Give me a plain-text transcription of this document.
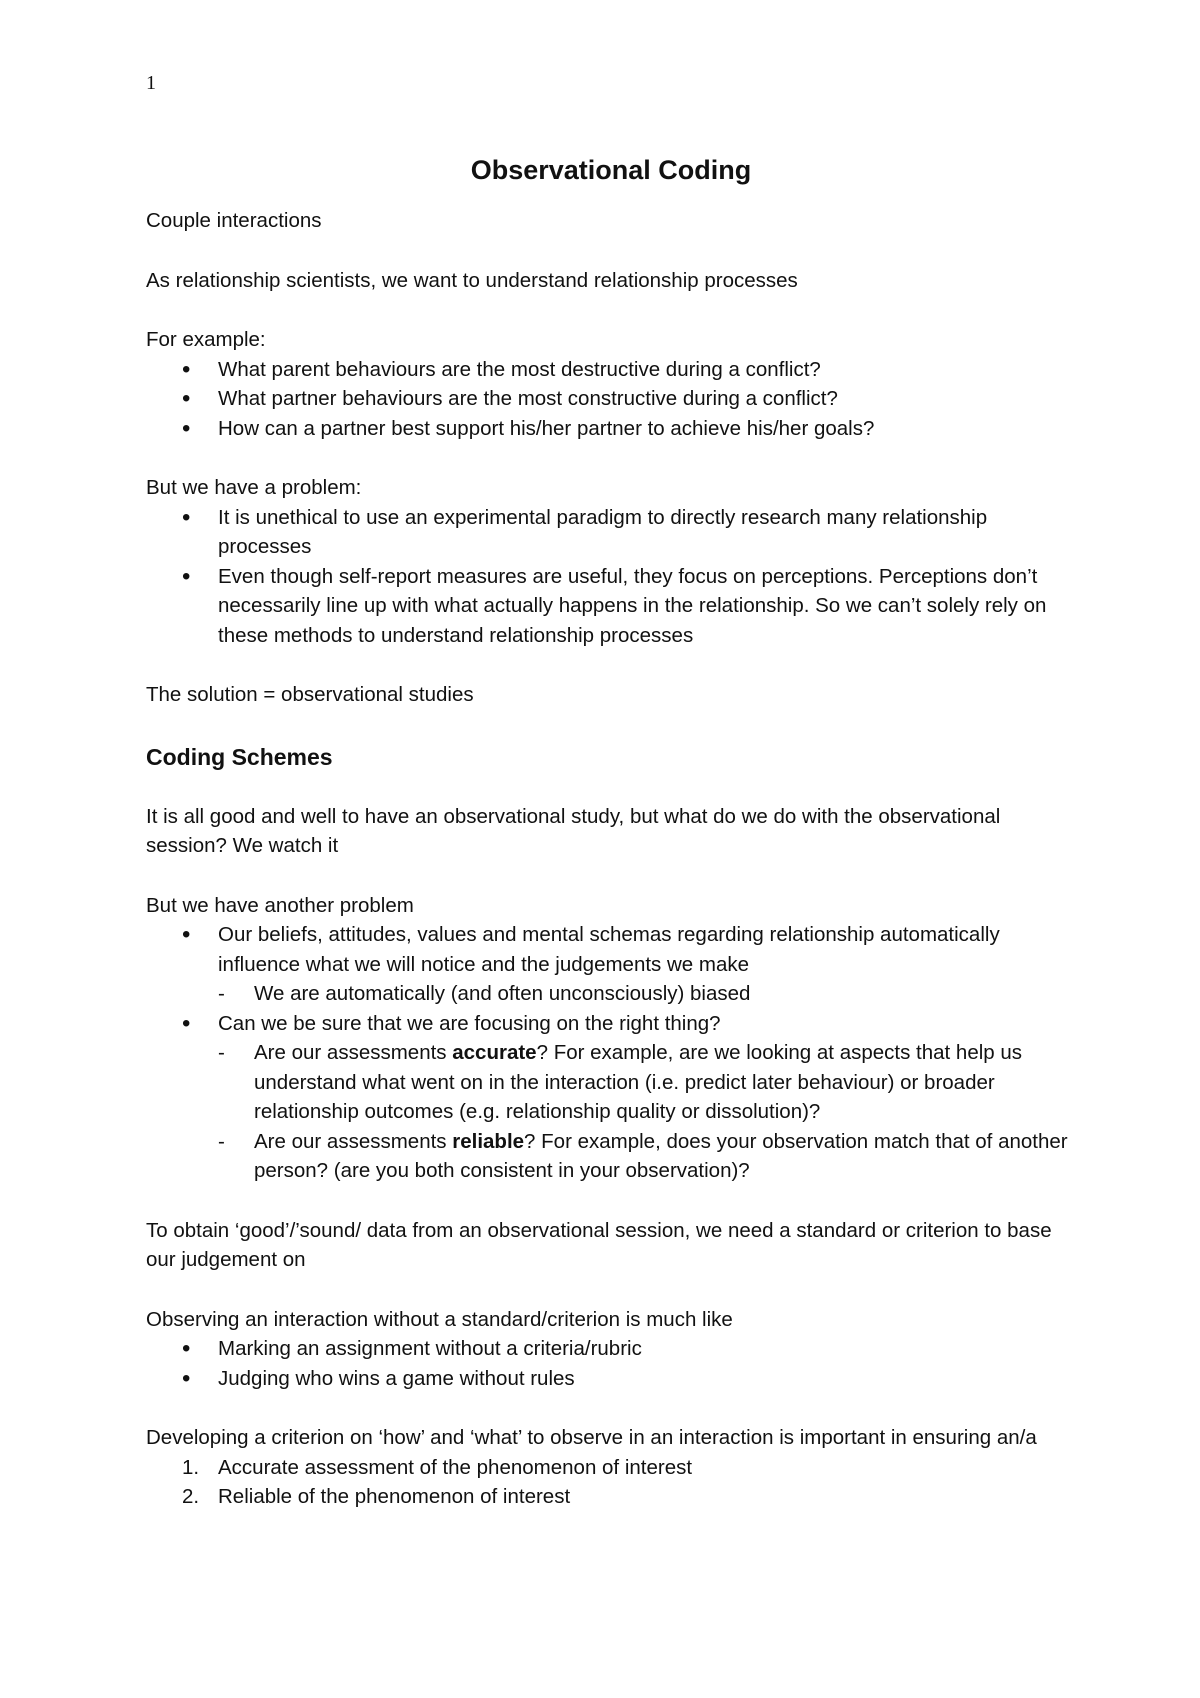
1
Observational Coding

Couple interactions

As relationship scientists, we want to understand relationship processes

For example:

• What parent behaviours are the most destructive during a conflict?
• What partner behaviours are the most constructive during a conflict?
• How can a partner best support his/her partner to achieve his/her goals?

But we have a problem:

• It is unethical to use an experimental paradigm to directly research many relationship processes
• Even though self-report measures are useful, they focus on perceptions. Perceptions don’t necessarily line up with what actually happens in the relationship. So we can’t solely rely on these methods to understand relationship processes

The solution = observational studies

Coding Schemes

It is all good and well to have an observational study, but what do we do with the observational session? We watch it

But we have another problem

• Our beliefs, attitudes, values and mental schemas regarding relationship automatically influence what we will notice and the judgements we make
- We are automatically (and often unconsciously) biased
• Can we be sure that we are focusing on the right thing?
- Are our assessments accurate? For example, are we looking at aspects that help us understand what went on in the interaction (i.e. predict later behaviour) or broader relationship outcomes (e.g. relationship quality or dissolution)?
- Are our assessments reliable? For example, does your observation match that of another person? (are you both consistent in your observation)?

To obtain ‘good’/’sound/ data from an observational session, we need a standard or criterion to base our judgement on

Observing an interaction without a standard/criterion is much like

• Marking an assignment without a criteria/rubric
• Judging who wins a game without rules

Developing a criterion on ‘how’ and ‘what’ to observe in an interaction is important in ensuring an/a

1. Accurate assessment of the phenomenon of interest
2. Reliable of the phenomenon of interest
